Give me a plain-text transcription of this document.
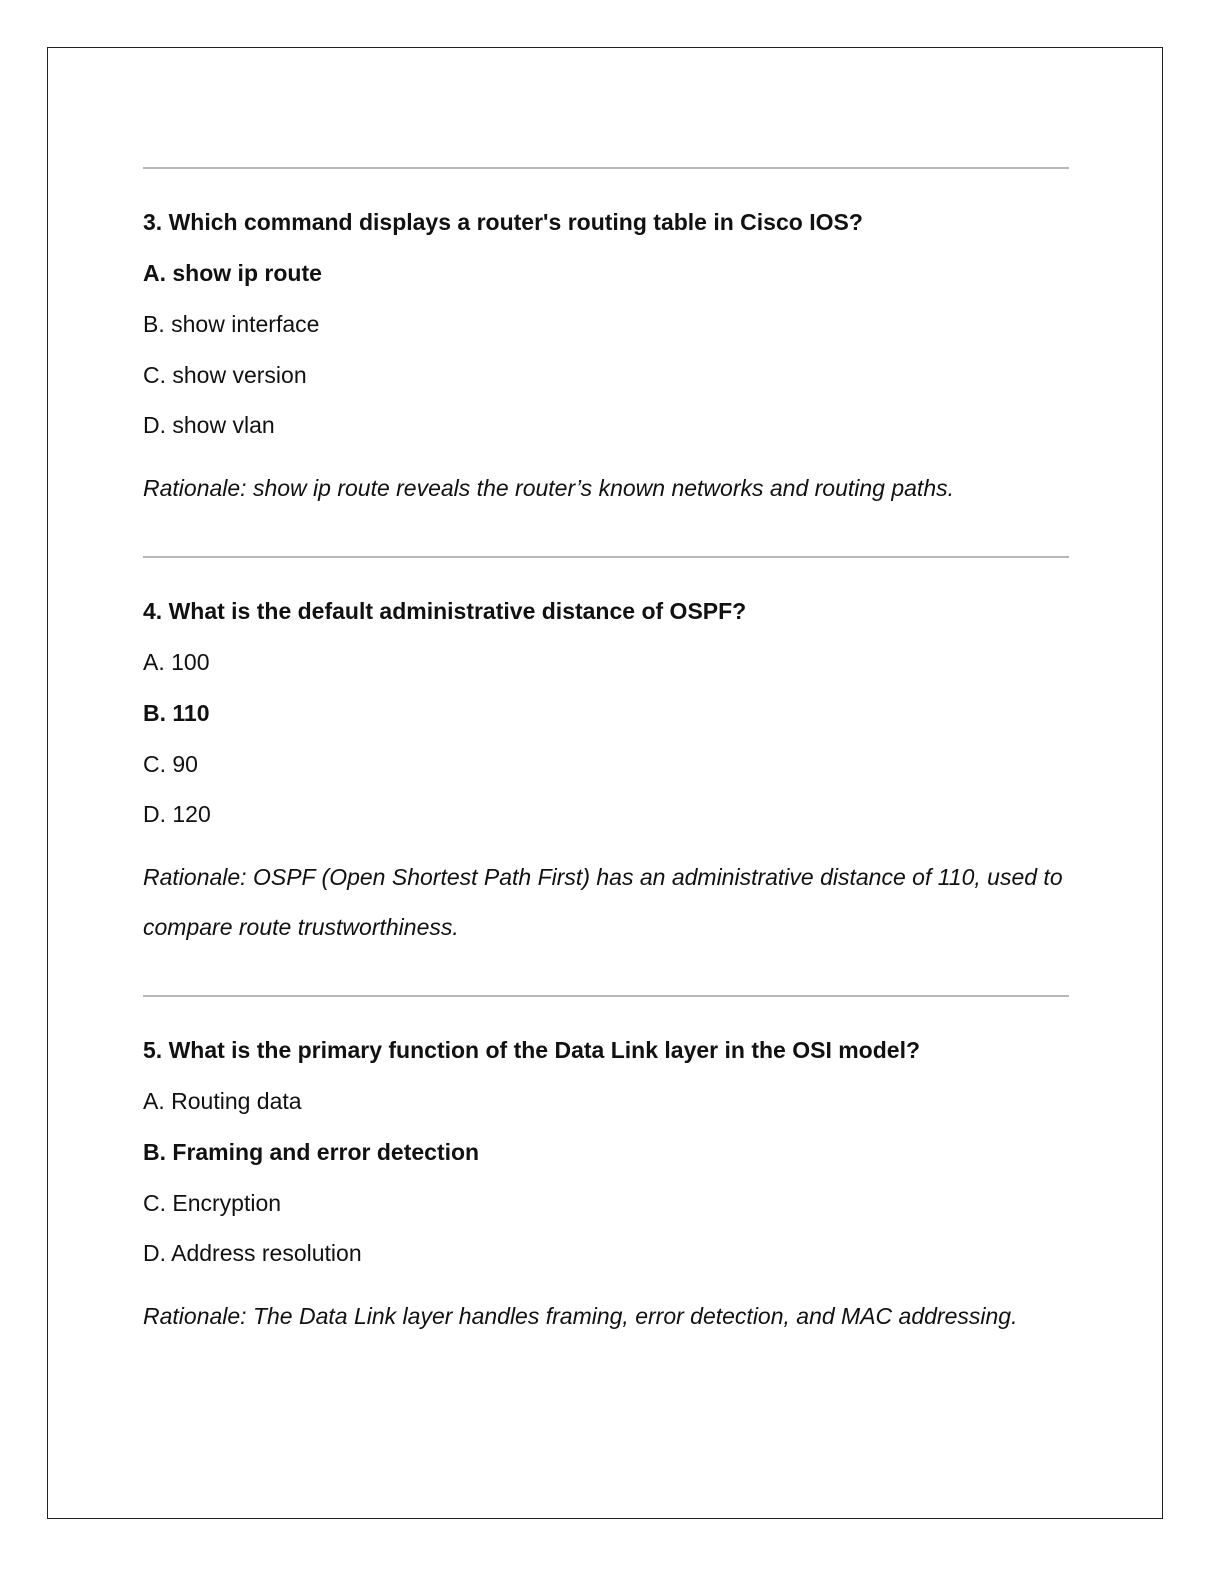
3. Which command displays a router's routing table in Cisco IOS?

A. show ip route

B. show interface

C. show version

D. show vlan

Rationale: show ip route reveals the router’s known networks and routing paths.

4. What is the default administrative distance of OSPF?

A. 100

B. 110

C. 90

D. 120

Rationale: OSPF (Open Shortest Path First) has an administrative distance of 110, used to compare route trustworthiness.

5. What is the primary function of the Data Link layer in the OSI model?

A. Routing data

B. Framing and error detection

C. Encryption

D. Address resolution

Rationale: The Data Link layer handles framing, error detection, and MAC addressing.
